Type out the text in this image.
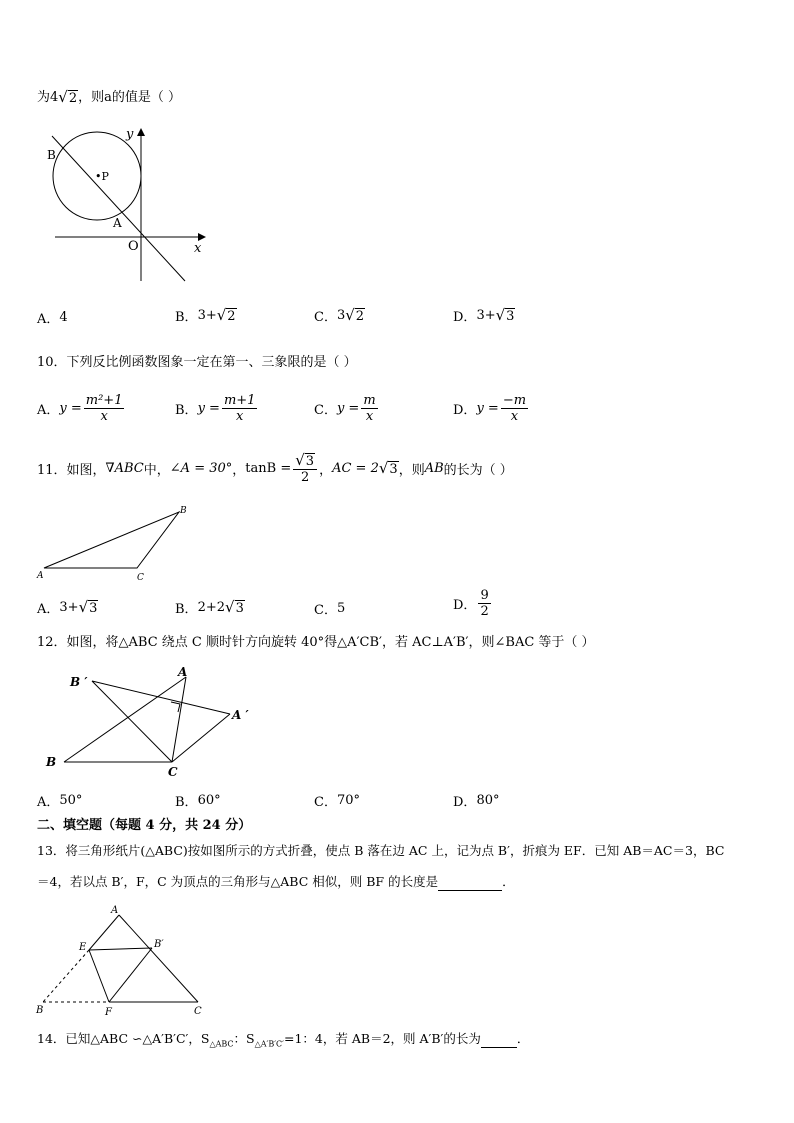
为 4 √ 2 ，则a的值是（ ）
B
•P
A
O	x
y
A． 4	B． 3+ √ 2	C． 3 √ 2	D． 3+ √ 3
10．下列反比例函数图象一定在第一、三象限的是（ ）
A． $y = \frac{\text{m²+1}}{x}$	B． $y = \frac{m+1}{x}$	C． $y = \frac{m}{x}$	D． $y = \frac{-m}{x}$
11．如图， ∇ABC 中， ∠A = 30° ， $\tan B = \frac{√ 3}{2}$ ， AC = 2 √ 3 ，则 AB 的长为（ ）
A
B
C
A． 3+ √ 3	B． 2+2 √ 3	C． 5	D． $\frac{9}{2}$
12．如图，将△ABC 绕点 C 顺时针方向旋转 40°得△A′CB′，若 AC⊥A′B′，则∠BAC 等于（ ）
B ′
A
A ′
B
C
A． 50°	B． 60°	C． 70°	D． 80°
二、填空题（每题 4 分，共 24 分）
13．将三角形纸片(△ABC)按如图所示的方式折叠，使点 B 落在边 AC 上，记为点 B′，折痕为 EF．已知 AB＝AC＝3，BC
＝4，若以点 B′，F，C 为顶点的三角形与△ABC 相似，则 BF 的长度是	．
A
E	B′
B	F	C
14．已知△ABC ∽△A′B′C′，$S_{\triangle ABC}$：$S_{\triangle A'B'C'}=1$：4，若 AB＝2，则 A′B′的长为	．
